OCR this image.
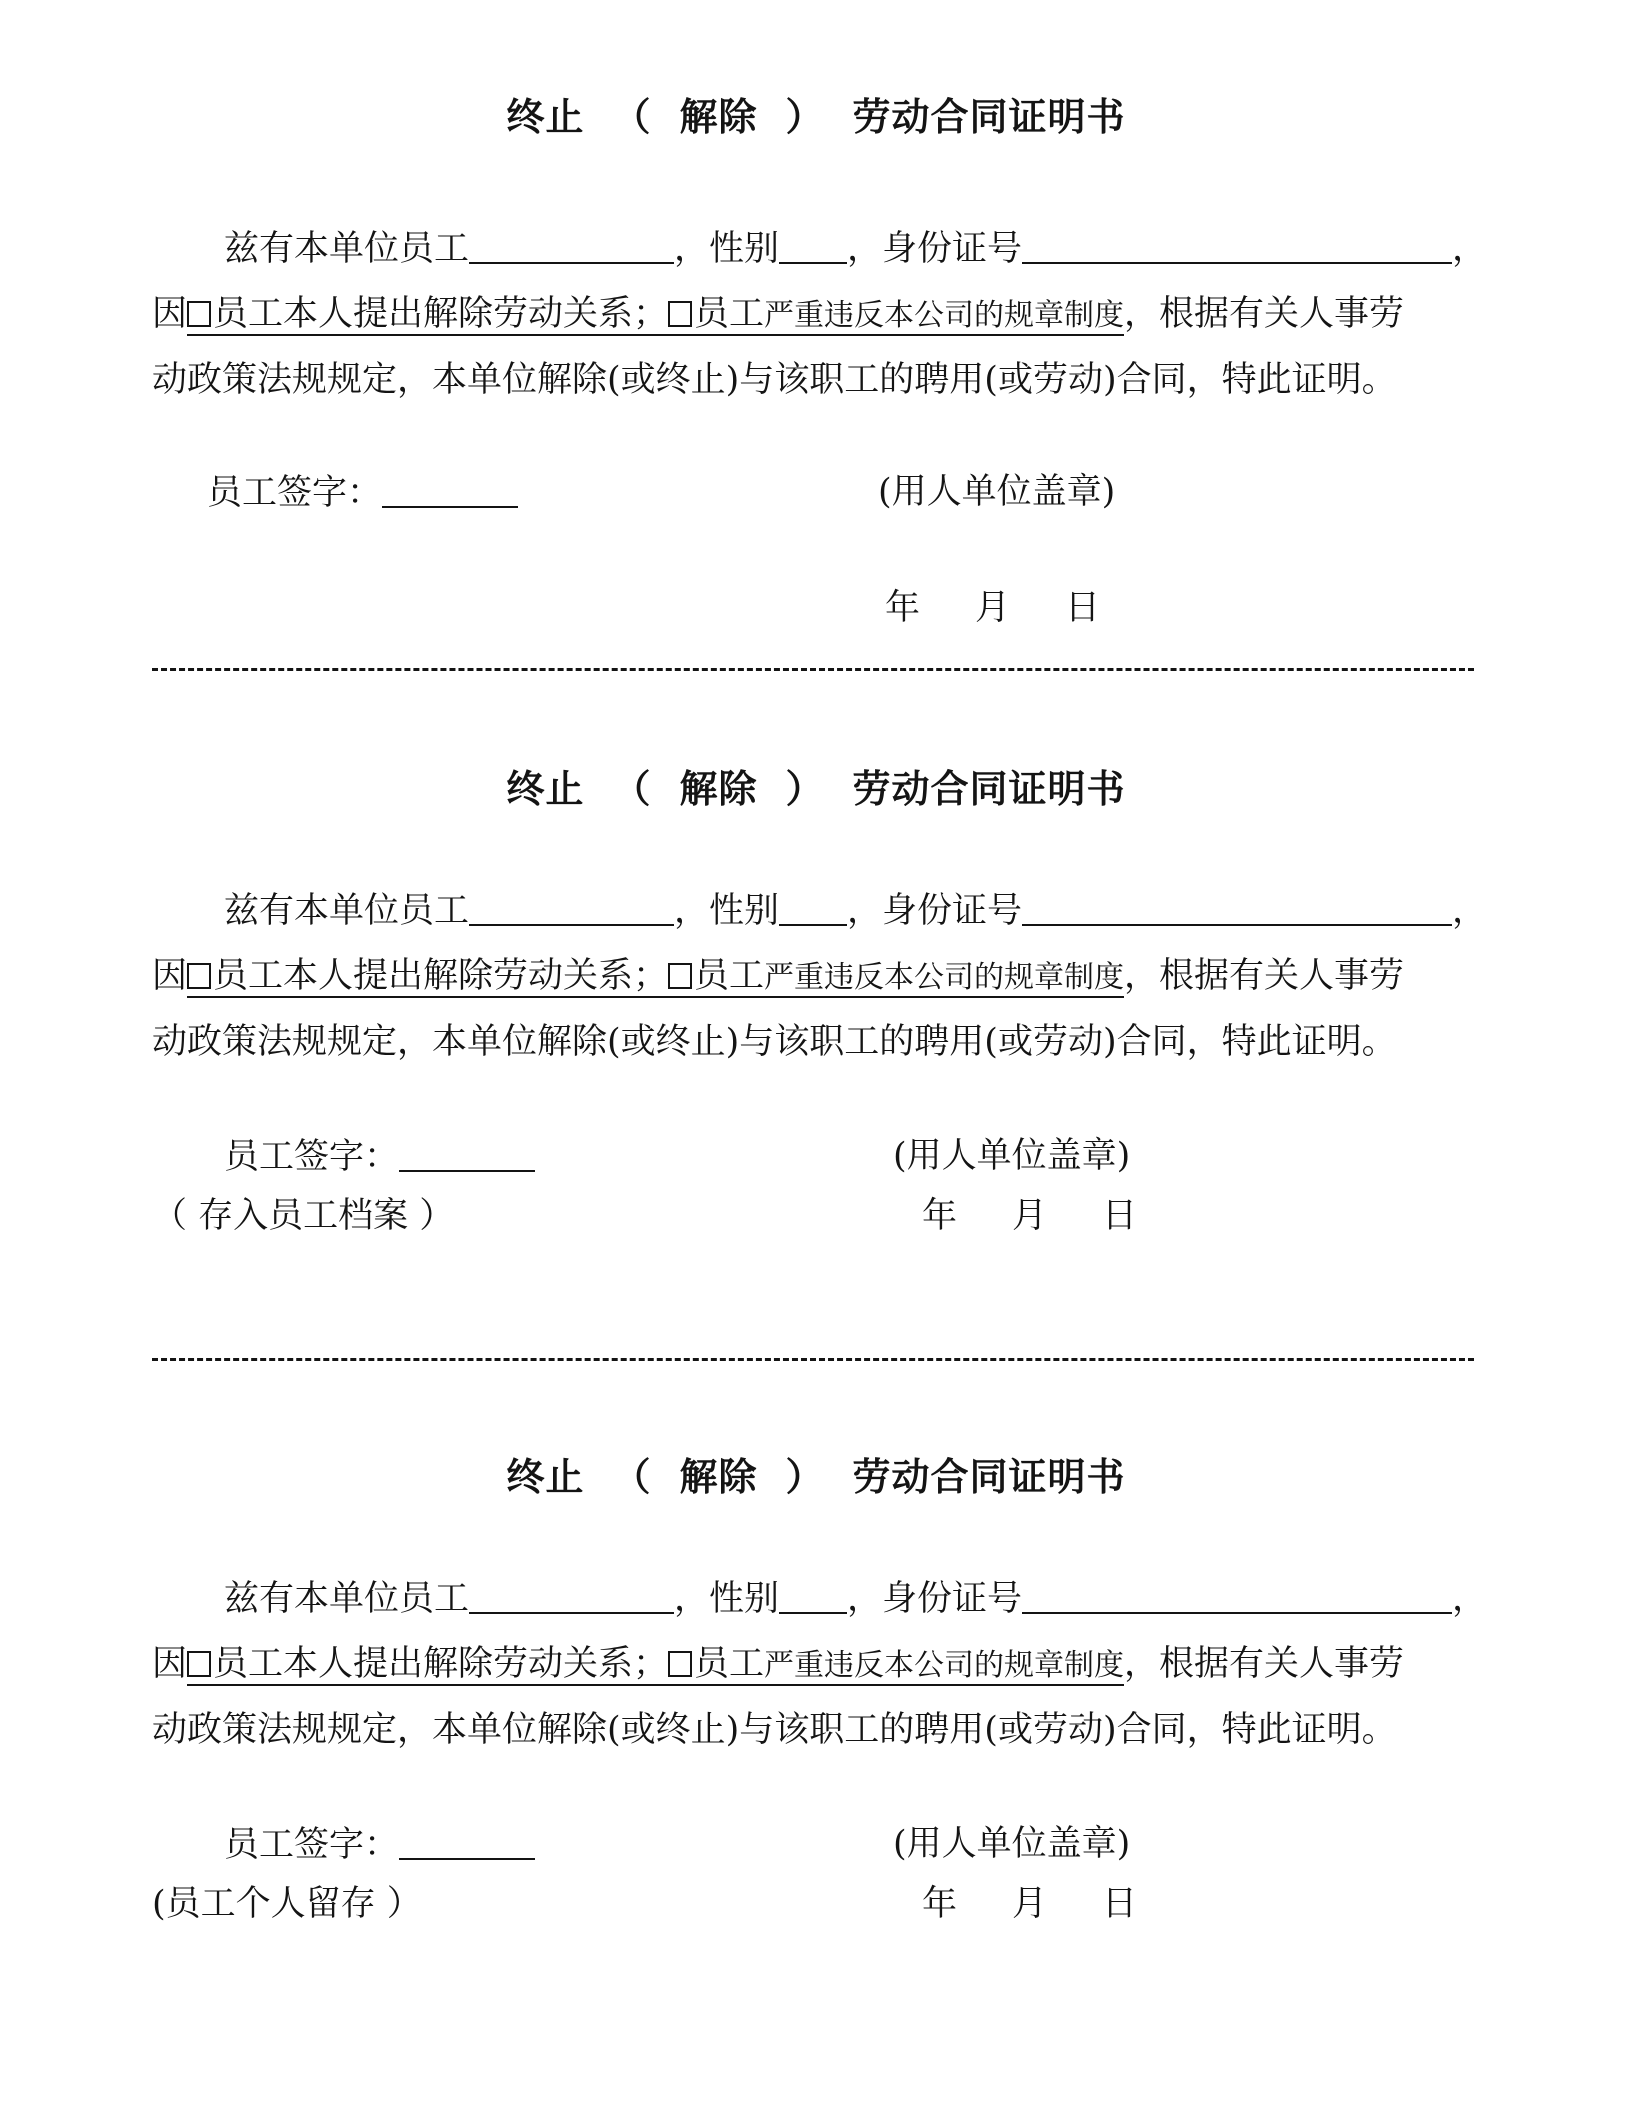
终止 （ 解除 ） 劳动合同证明书
兹有本单位员工	，性别 ，身份证号	，
因 员工本人提出解除劳动关系； 员工严重违反本公司的规章制度，根据有关人事劳
动政策法规规定，本单位解除(或终止)与该职工的聘用(或劳动)合同，特此证明。
员工签字：	(用人单位盖章)
年 月 日
终止 （ 解除 ） 劳动合同证明书
兹有本单位员工	，性别 ，身份证号	，
因 员工本人提出解除劳动关系； 员工严重违反本公司的规章制度，根据有关人事劳
动政策法规规定，本单位解除(或终止)与该职工的聘用(或劳动)合同，特此证明。
员工签字：	(用人单位盖章)
（ 存入员工档案 ）	年 月 日
终止 （ 解除 ） 劳动合同证明书
兹有本单位员工	，性别 ，身份证号	，
因 员工本人提出解除劳动关系； 员工严重违反本公司的规章制度，根据有关人事劳
动政策法规规定，本单位解除(或终止)与该职工的聘用(或劳动)合同，特此证明。
员工签字：	(用人单位盖章)
(员工个人留存 ）	年 月 日
